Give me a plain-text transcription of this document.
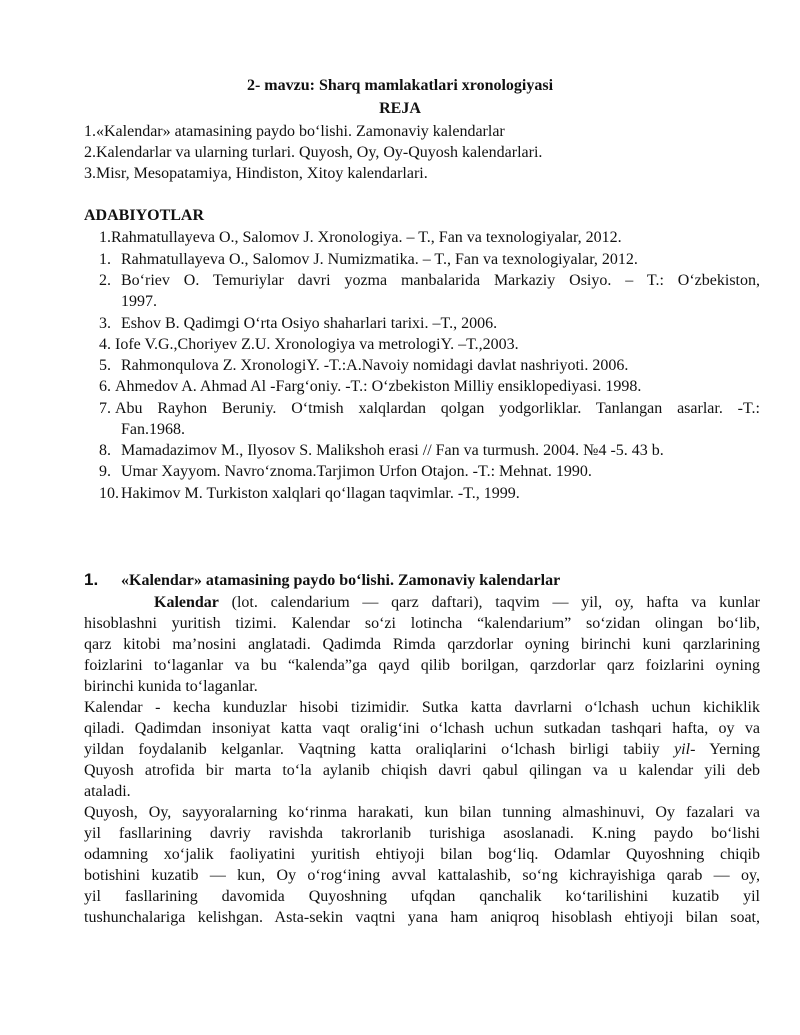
2- mavzu: Sharq mamlakatlari xronologiyasi
REJA
1.«Kalendar» atamasining paydo bo‘lishi. Zamonaviy kalendarlar
2.Kalendarlar va ularning turlari. Quyosh, Oy, Oy-Quyosh kalendarlari.
3.Misr, Mesopatamiya, Hindiston, Xitoy kalendarlari.
ADABIYOTLAR
1.Rahmatullayeva O., Salomov J. Xronologiya. – T., Fan va texnologiyalar, 2012.
1. Rahmatullayeva O., Salomov J. Numizmatika. – T., Fan va texnologiyalar, 2012.
2. Bo‘riev O. Temuriylar davri yozma manbalarida Markaziy Osiyo. – T.: O‘zbekiston,
1997.
3. Eshov B. Qadimgi O‘rta Osiyo shaharlari tarixi. –T., 2006.
4. Iofe V.G.,Choriyev Z.U. Xronologiya va metrologiY. –T.,2003.
5. Rahmonqulova Z. XronologiY. -T.:A.Navoiy nomidagi davlat nashriyoti. 2006.
6. Ahmedov A. Ahmad Al -Farg‘oniy. -T.: O‘zbekiston Milliy ensiklopediyasi. 1998.
7. Abu Rayhon Beruniy. O‘tmish xalqlardan qolgan yodgorliklar. Tanlangan asarlar. -T.:
Fan.1968.
8. Mamadazimov M., Ilyosov S. Malikshoh erasi // Fan va turmush. 2004. №4 -5. 43 b.
9. Umar Xayyom. Navro‘znoma.Tarjimon Urfon Otajon. -T.: Mehnat. 1990.
10. Hakimov M. Turkiston xalqlari qo‘llagan taqvimlar. -T., 1999.
1. «Kalendar» atamasining paydo bo‘lishi. Zamonaviy kalendarlar
Kalendar (lot. calendarium — qarz daftari), taqvim — yil, oy, hafta va kunlar
hisoblashni yuritish tizimi. Kalendar so‘zi lotincha “kalendarium” so‘zidan olingan bo‘lib,
qarz kitobi ma’nosini anglatadi. Qadimda Rimda qarzdorlar oyning birinchi kuni qarzlarining
foizlarini to‘laganlar va bu “kalenda”ga qayd qilib borilgan, qarzdorlar qarz foizlarini oyning
birinchi kunida to‘laganlar.
Kalendar - kecha kunduzlar hisobi tizimidir. Sutka katta davrlarni o‘lchash uchun kichiklik
qiladi. Qadimdan insoniyat katta vaqt oralig‘ini o‘lchash uchun sutkadan tashqari hafta, oy va
yildan foydalanib kelganlar. Vaqtning katta oraliqlarini o‘lchash birligi tabiiy yil- Yerning
Quyosh atrofida bir marta to‘la aylanib chiqish davri qabul qilingan va u kalendar yili deb
ataladi.
Quyosh, Oy, sayyoralarning ko‘rinma harakati, kun bilan tunning almashinuvi, Oy fazalari va
yil fasllarining davriy ravishda takrorlanib turishiga asoslanadi. K.ning paydo bo‘lishi
odamning xo‘jalik faoliyatini yuritish ehtiyoji bilan bog‘liq. Odamlar Quyoshning chiqib
botishini kuzatib — kun, Oy o‘rog‘ining avval kattalashib, so‘ng kichrayishiga qarab — oy,
yil fasllarining davomida Quyoshning ufqdan qanchalik ko‘tarilishini kuzatib yil
tushunchalariga kelishgan. Asta-sekin vaqtni yana ham aniqroq hisoblash ehtiyoji bilan soat,
